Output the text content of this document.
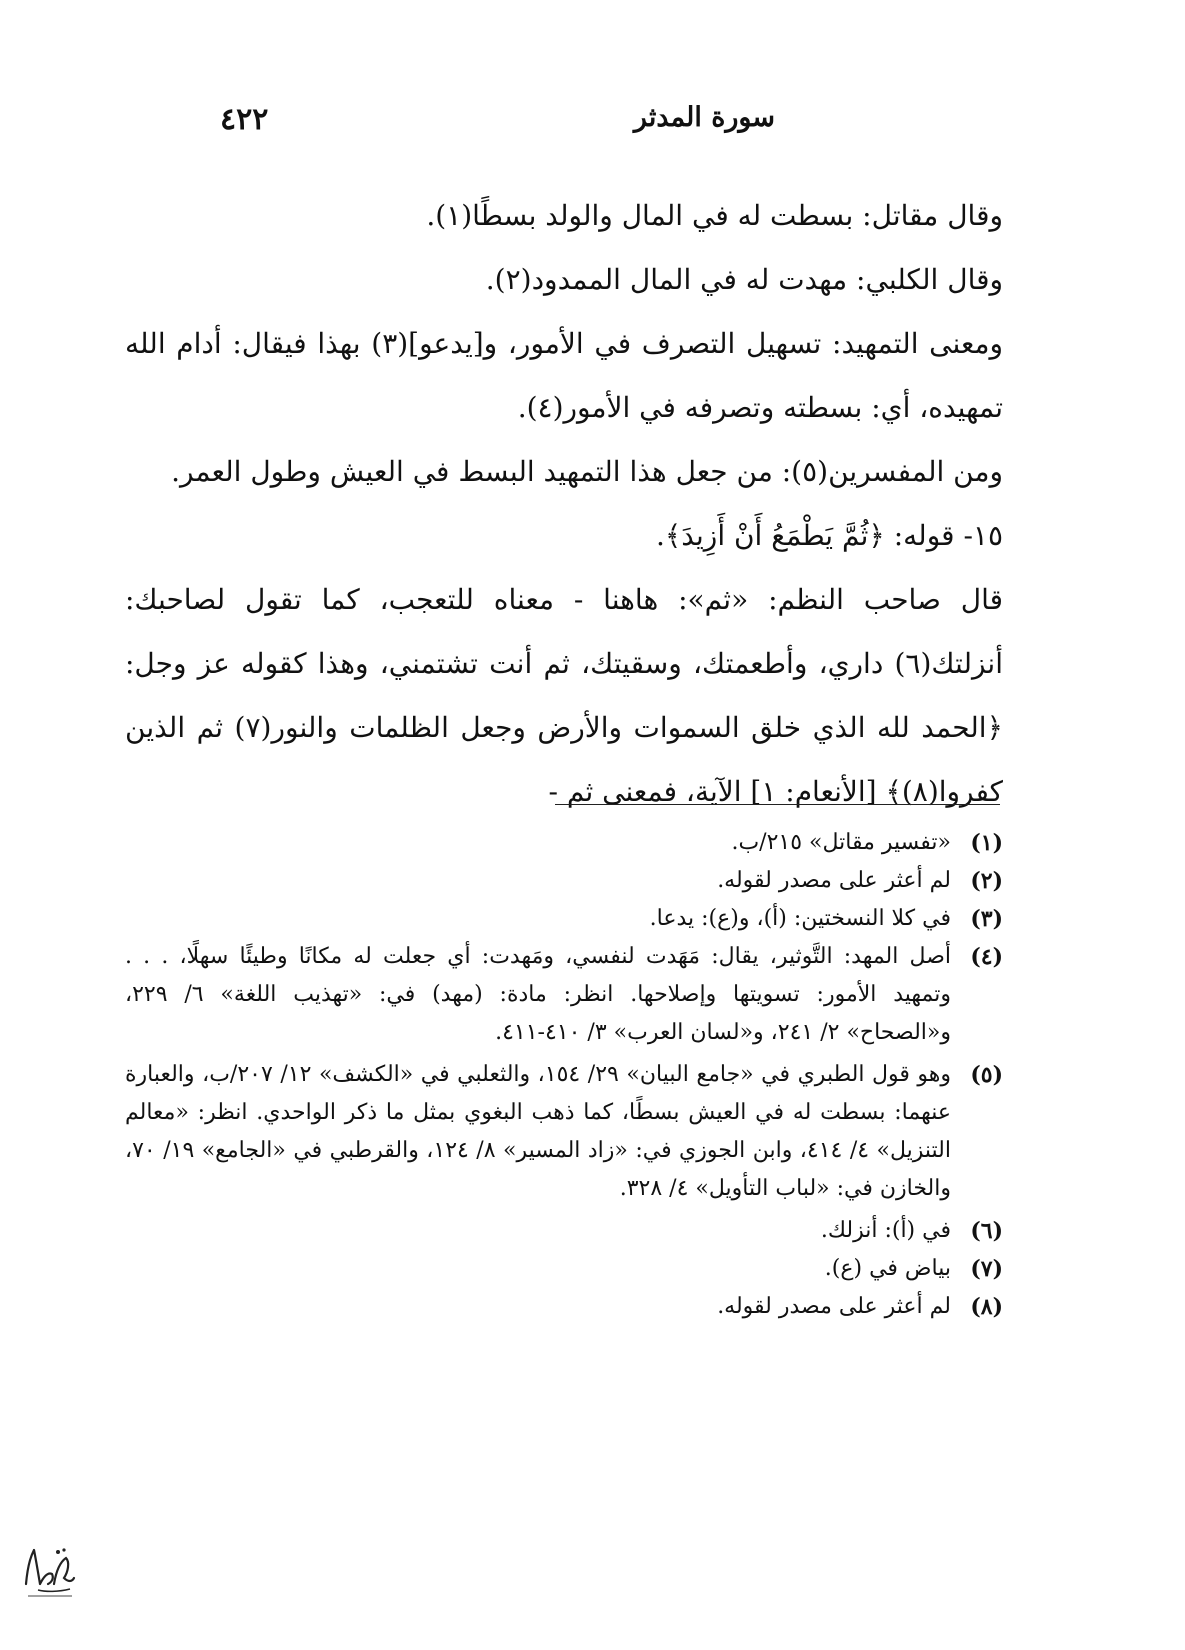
سورة المدثر
٤٢٢

وقال مقاتل: بسطت له في المال والولد بسطًا(١).

وقال الكلبي: مهدت له في المال الممدود(٢).

ومعنى التمهيد: تسهيل التصرف في الأمور، و[يدعو](٣) بهذا فيقال: أدام الله تمهيده، أي: بسطته وتصرفه في الأمور(٤).

ومن المفسرين(٥): من جعل هذا التمهيد البسط في العيش وطول العمر.

١٥- قوله: ﴿ثُمَّ يَطْمَعُ أَنْ أَزِيدَ﴾.

قال صاحب النظم: «ثم»: هاهنا - معناه للتعجب، كما تقول لصاحبك: أنزلتك(٦) داري، وأطعمتك، وسقيتك، ثم أنت تشتمني، وهذا كقوله عز وجل: ﴿الحمد لله الذي خلق السموات والأرض وجعل الظلمات والنور(٧) ثم الذين كفروا(٨)﴾ [الأنعام: ١] الآية، فمعنى ثم -

(١)
«تفسير مقاتل» ٢١٥/ب.
(٢)
لم أعثر على مصدر لقوله.
(٣)
في كلا النسختين: (أ)، و(ع): يدعا.
(٤)
أصل المهد: التَّوثير، يقال: مَهَدت لنفسي، ومَهدت: أي جعلت له مكانًا وطيئًا سهلًا، . . . وتمهيد الأمور: تسويتها وإصلاحها. انظر: مادة: (مهد) في: «تهذيب اللغة» ٦/ ٢٢٩، و«الصحاح» ٢/ ٢٤١، و«لسان العرب» ٣/ ٤١٠-٤١١.
(٥)
وهو قول الطبري في «جامع البيان» ٢٩/ ١٥٤، والثعلبي في «الكشف» ١٢/ ٢٠٧/ب، والعبارة عنهما: بسطت له في العيش بسطًا، كما ذهب البغوي بمثل ما ذكر الواحدي. انظر: «معالم التنزيل» ٤/ ٤١٤، وابن الجوزي في: «زاد المسير» ٨/ ١٢٤، والقرطبي في «الجامع» ١٩/ ٧٠، والخازن في: «لباب التأويل» ٤/ ٣٢٨.
(٦)
في (أ): أنزلك.
(٧)
بياض في (ع).
(٨)
لم أعثر على مصدر لقوله.
